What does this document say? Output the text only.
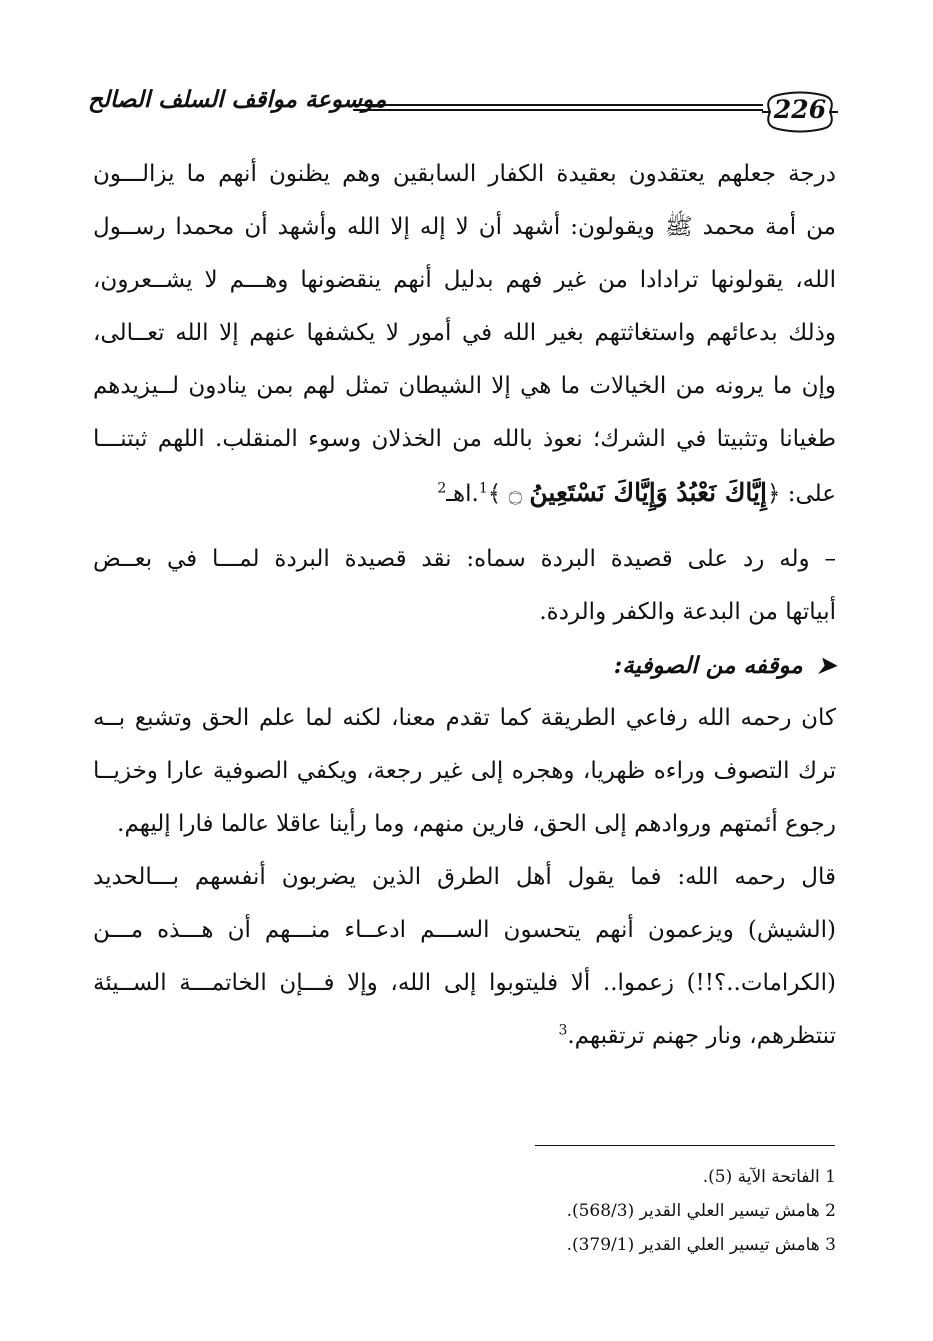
موسوعة مواقف السلف الصالح	226
درجة جعلهم يعتقدون بعقيدة الكفار السابقين وهم يظنون أنهم ما يزالـــون
من أمة محمد ﷺ ويقولون: أشهد أن لا إله إلا الله وأشهد أن محمدا رســول
الله، يقولونها ترادادا من غير فهم بدليل أنهم ينقضونها وهـــم لا يشــعرون،
وذلك بدعائهم واستغاثتهم بغير الله في أمور لا يكشفها عنهم إلا الله تعــالى،
وإن ما يرونه من الخيالات ما هي إلا الشيطان تمثل لهم بمن ينادون لــيزيدهم
طغيانا وتثبيتا في الشرك؛ نعوذ بالله من الخذلان وسوء المنقلب. اللهم ثبتنـــا
على: ﴿إِيَّاكَ نَعْبُدُ وَإِيَّاكَ نَسْتَعِينُ ۝ ﴾$^1$.اهـ$^2$
– وله رد على قصيدة البردة سماه: نقد قصيدة البردة لمـــا في بعــض
أبياتها من البدعة والكفر والردة.
➤موقفه من الصوفية:
كان رحمه الله رفاعي الطريقة كما تقدم معنا، لكنه لما علم الحق وتشبع بــه
ترك التصوف وراءه ظهريا، وهجره إلى غير رجعة، ويكفي الصوفية عارا وخزيــا
رجوع أئمتهم وروادهم إلى الحق، فارين منهم، وما رأينا عاقلا عالما فارا إليهم.
قال رحمه الله: فما يقول أهل الطرق الذين يضربون أنفسهم بـــالحديد
(الشيش) ويزعمون أنهم يتحسون الســـم ادعــاء منـــهم أن هـــذه مـــن
(الكرامات..؟!!) زعموا.. ألا فليتوبوا إلى الله، وإلا فـــإن الخاتمـــة الســيئة
تنتظرهم، ونار جهنم ترتقبهم.$^3$
1 الفاتحة الآية (5).
2 هامش تيسير العلي القدير (568/3).
3 هامش تيسير العلي القدير (379/1).
